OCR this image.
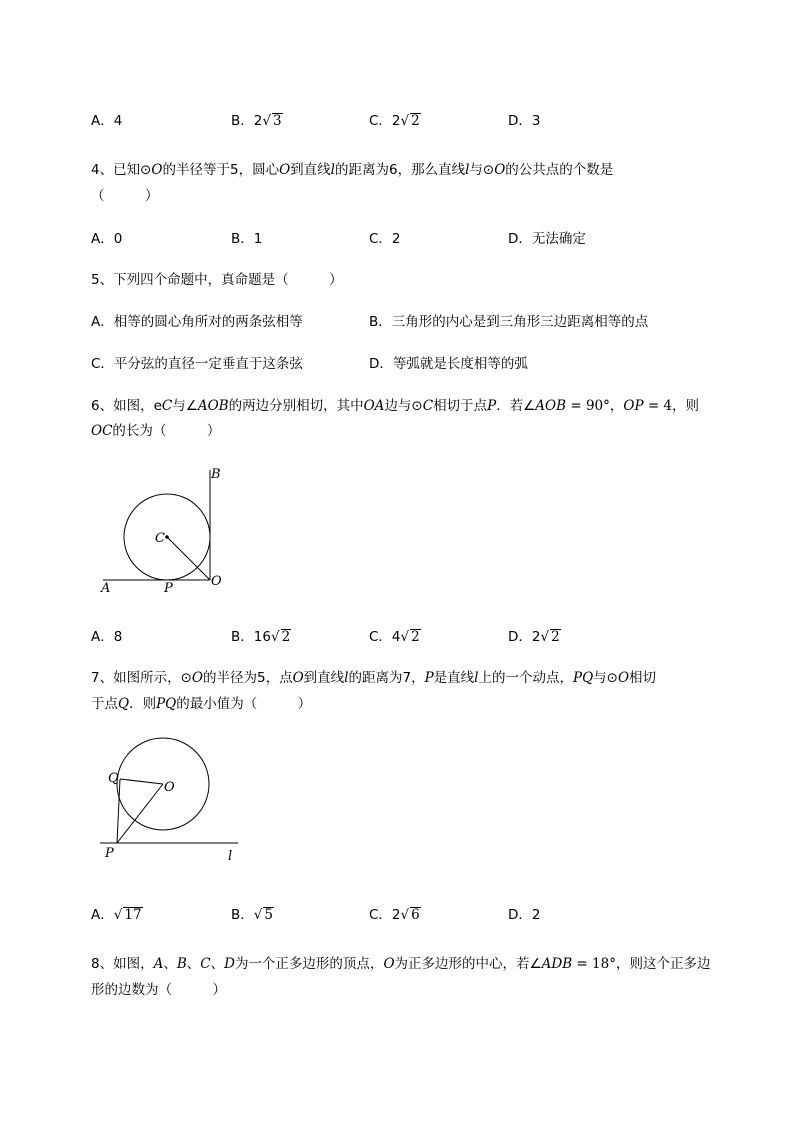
A．4	B．2√ 3	C．2√ 2	D．3
4、已知⊙O的半径等于5，圆心O到直线l的距离为6，那么直线l与⊙O的公共点的个数是
（　　　）
A．0	B．1	C．2	D．无法确定
5、下列四个命题中，真命题是（　　　）
A．相等的圆心角所对的两条弦相等	B．三角形的内心是到三角形三边距离相等的点
C．平分弦的直径一定垂直于这条弦	D．等弧就是长度相等的弧
6、如图，eC与∠AOB的两边分别相切，其中OA边与⊙C相切于点P．若∠AOB = 90°，OP = 4，则
OC的长为（　　　）
B
C
A	P	O
A．8	B．16√ 2	C．4√ 2	D．2√ 2
7、如图所示，⊙O的半径为5，点O到直线l的距离为7，P是直线l上的一个动点，PQ与⊙O相切
于点Q．则PQ的最小值为（　　　）
Q
O
P	l
A．√ 17	B．√ 5	C．2√ 6	D．2
8、如图，A、B、C、D为一个正多边形的顶点，O为正多边形的中心，若∠ADB = 18°，则这个正多边
形的边数为（　　　）
